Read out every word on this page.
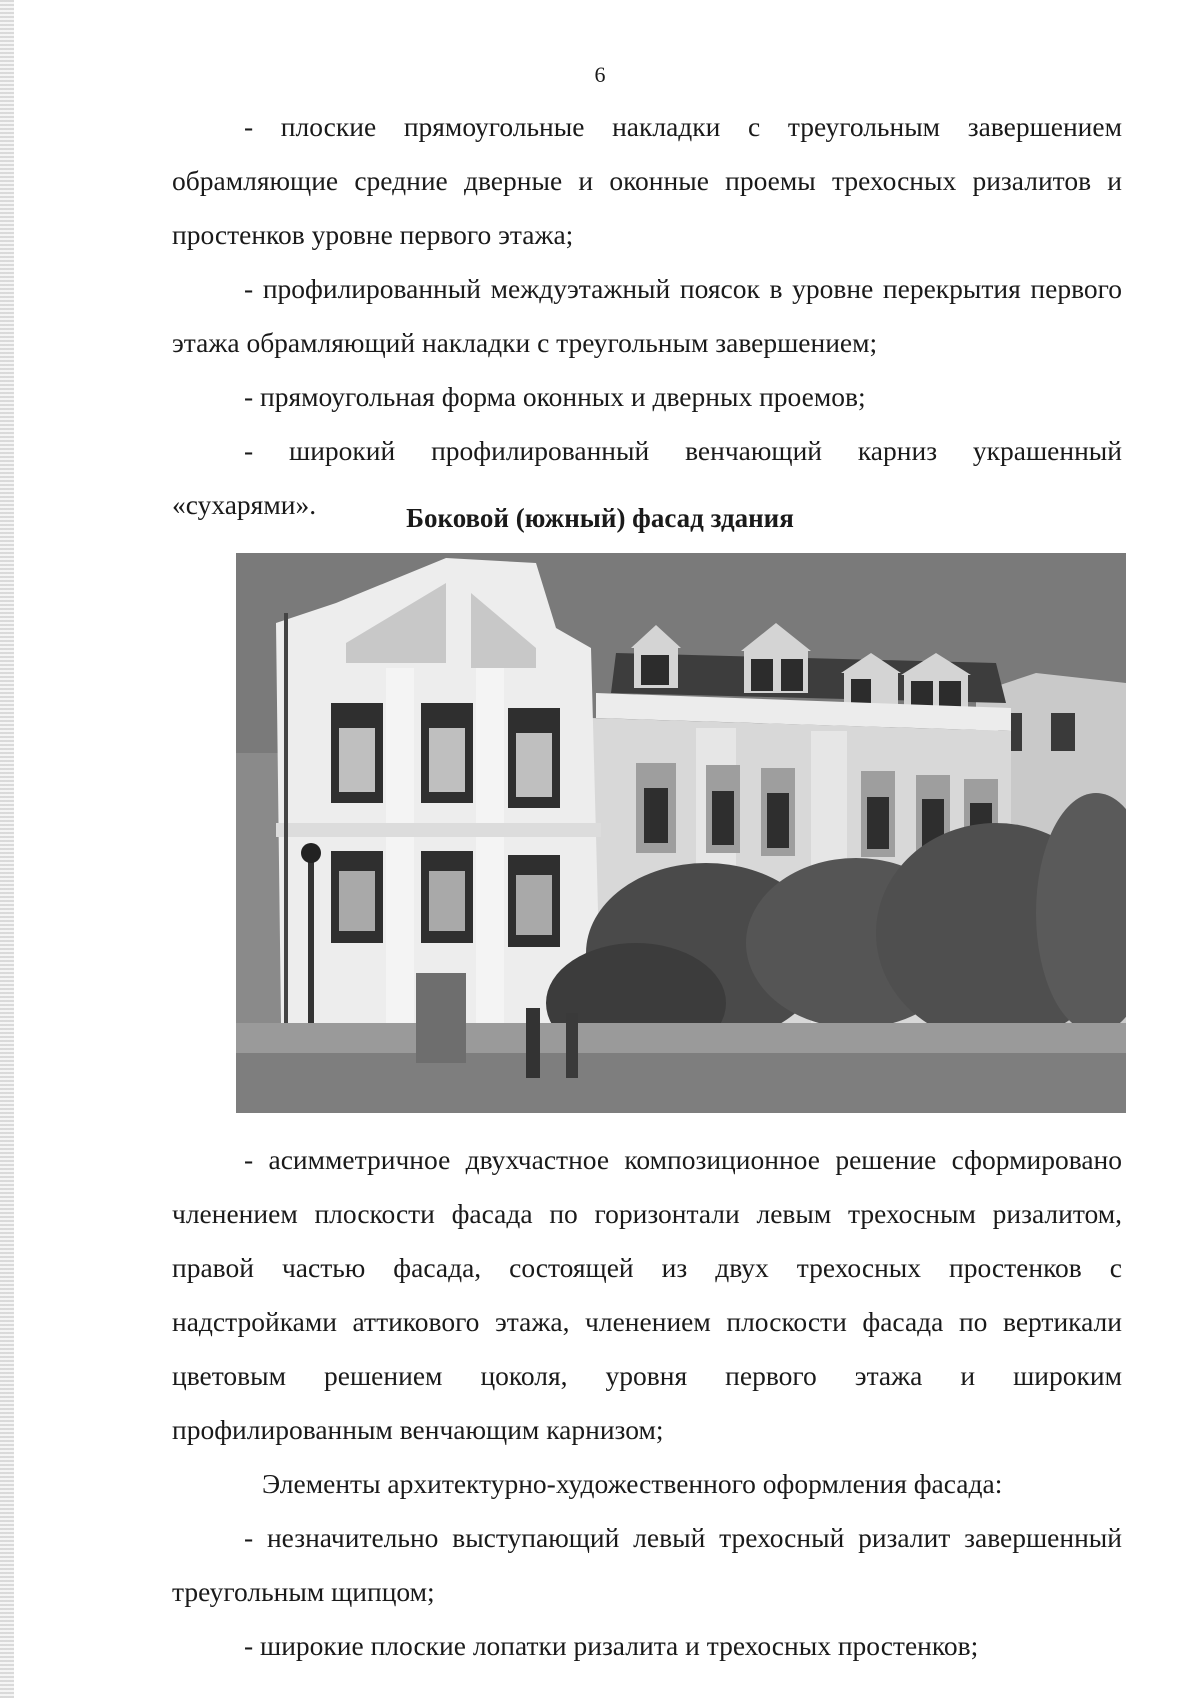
6

- плоские прямоугольные накладки с треугольным завершением обрамляющие средние дверные и оконные проемы трехосных ризалитов и простенков уровне первого этажа;

- профилированный междуэтажный поясок в уровне перекрытия первого этажа обрамляющий накладки с треугольным завершением;

- прямоугольная форма оконных и дверных проемов;

- широкий профилированный венчающий карниз украшенный «сухарями».	Боковой (южный) фасад здания

- асимметричное двухчастное композиционное решение сформировано членением плоскости фасада по горизонтали левым трехосным ризалитом, правой частью фасада, состоящей из двух трехосных простенков с надстройками аттикового этажа, членением плоскости фасада по вертикали цветовым решением цоколя, уровня первого этажа и широким профилированным венчающим карнизом;

Элементы архитектурно-художественного оформления фасада:

- незначительно выступающий левый трехосный ризалит завершенный треугольным щипцом;

- широкие плоские лопатки ризалита и трехосных простенков;
